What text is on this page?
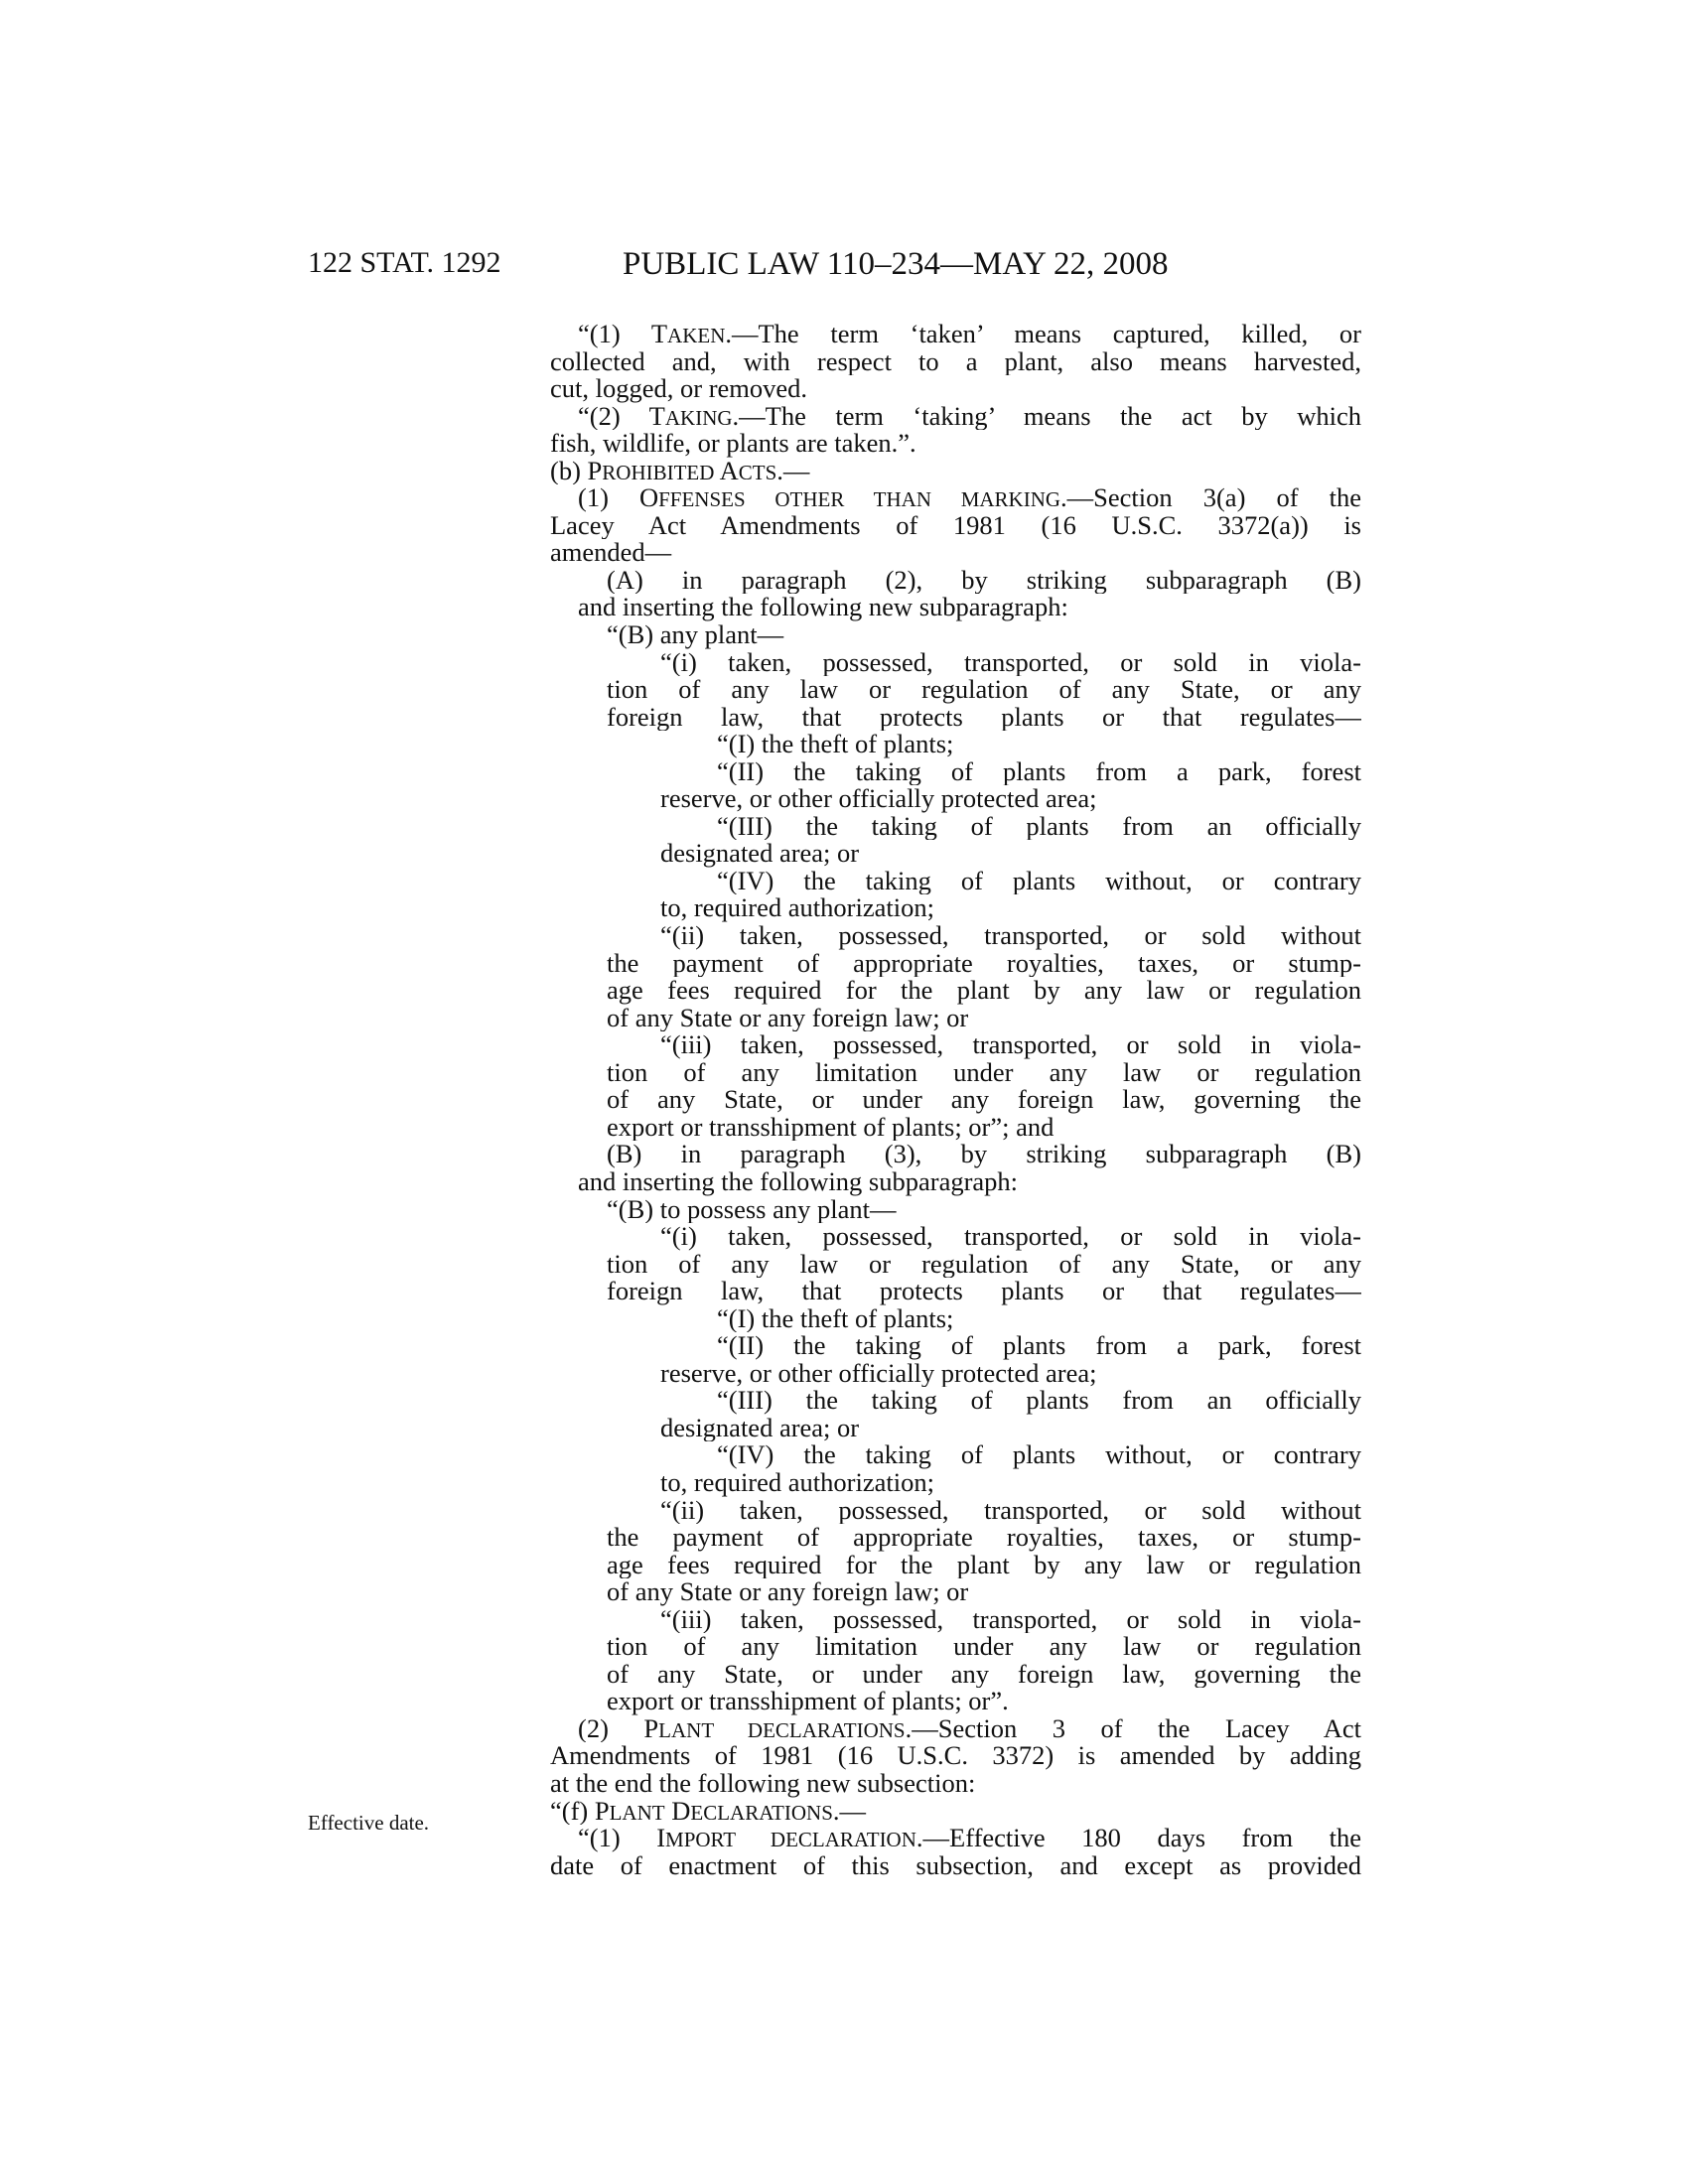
122 STAT. 1292	PUBLIC LAW 110–234—MAY 22, 2008
Effective date.
“(1) TAKEN.—The term ‘taken’ means captured, killed, or
collected and, with respect to a plant, also means harvested,
cut, logged, or removed.
“(2) TAKING.—The term ‘taking’ means the act by which
fish, wildlife, or plants are taken.”.
(b) PROHIBITED ACTS.—
(1) OFFENSES OTHER THAN MARKING.—Section 3(a) of the
Lacey Act Amendments of 1981 (16 U.S.C. 3372(a)) is
amended—
(A) in paragraph (2), by striking subparagraph (B)
and inserting the following new subparagraph:
“(B) any plant—
“(i) taken, possessed, transported, or sold in viola-
tion of any law or regulation of any State, or any
foreign law, that protects plants or that regulates—
“(I) the theft of plants;
“(II) the taking of plants from a park, forest
reserve, or other officially protected area;
“(III) the taking of plants from an officially
designated area; or
“(IV) the taking of plants without, or contrary
to, required authorization;
“(ii) taken, possessed, transported, or sold without
the payment of appropriate royalties, taxes, or stump-
age fees required for the plant by any law or regulation
of any State or any foreign law; or
“(iii) taken, possessed, transported, or sold in viola-
tion of any limitation under any law or regulation
of any State, or under any foreign law, governing the
export or transshipment of plants; or”; and
(B) in paragraph (3), by striking subparagraph (B)
and inserting the following subparagraph:
“(B) to possess any plant—
“(i) taken, possessed, transported, or sold in viola-
tion of any law or regulation of any State, or any
foreign law, that protects plants or that regulates—
“(I) the theft of plants;
“(II) the taking of plants from a park, forest
reserve, or other officially protected area;
“(III) the taking of plants from an officially
designated area; or
“(IV) the taking of plants without, or contrary
to, required authorization;
“(ii) taken, possessed, transported, or sold without
the payment of appropriate royalties, taxes, or stump-
age fees required for the plant by any law or regulation
of any State or any foreign law; or
“(iii) taken, possessed, transported, or sold in viola-
tion of any limitation under any law or regulation
of any State, or under any foreign law, governing the
export or transshipment of plants; or”.
(2) PLANT DECLARATIONS.—Section 3 of the Lacey Act
Amendments of 1981 (16 U.S.C. 3372) is amended by adding
at the end the following new subsection:
“(f) PLANT DECLARATIONS.—
“(1) IMPORT DECLARATION.—Effective 180 days from the
date of enactment of this subsection, and except as provided
